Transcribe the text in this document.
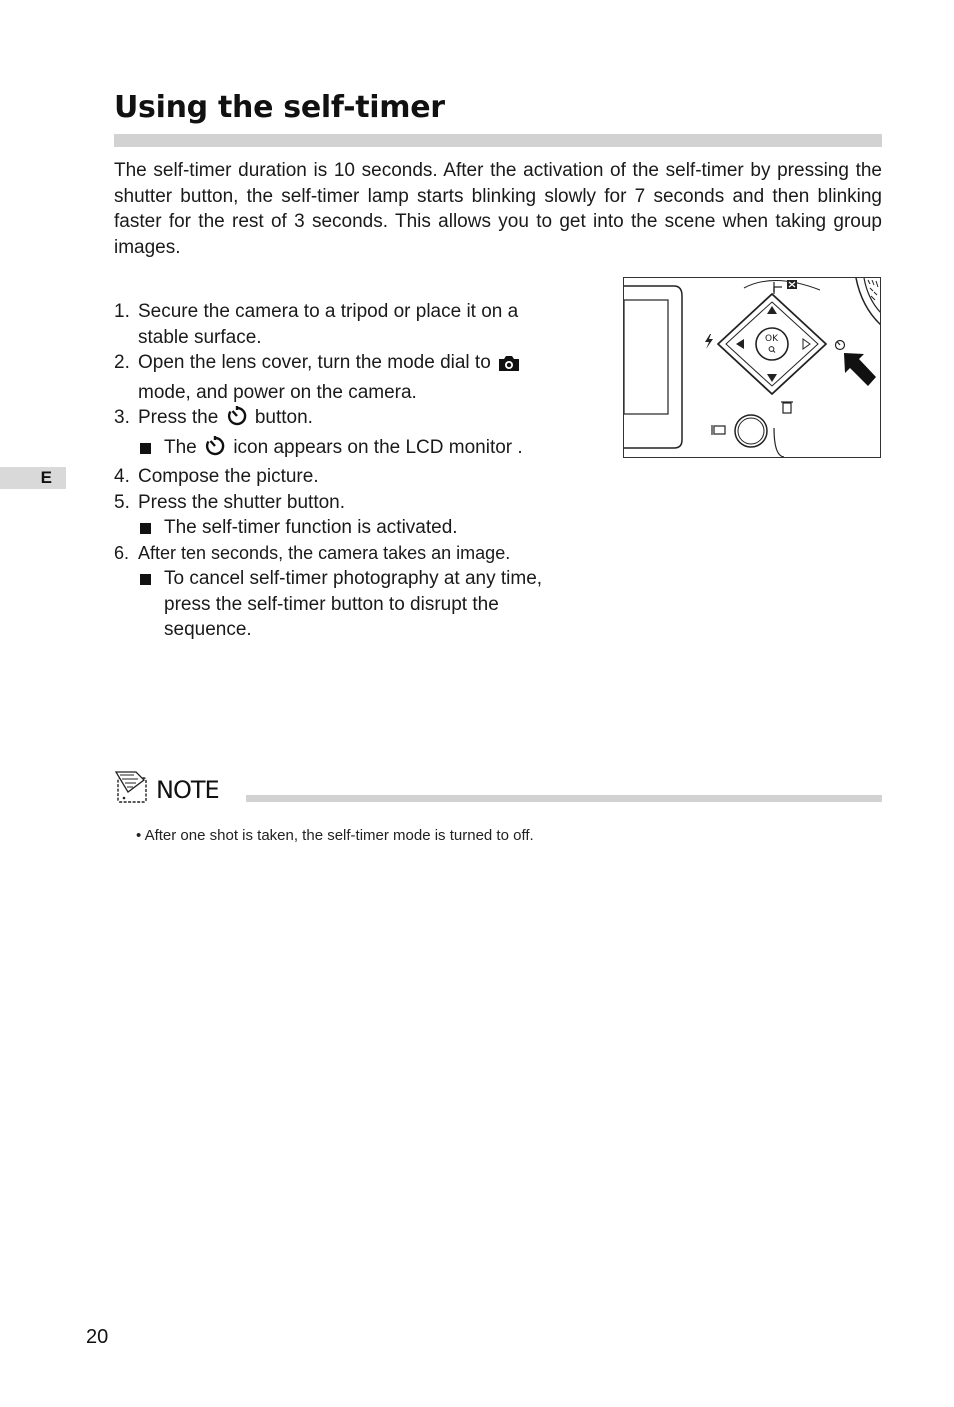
Using the self-timer

The self-timer duration is 10 seconds. After the activation of the self-timer by pressing the shutter button, the self-timer lamp starts blinking slowly for 7 seconds and then blinking faster for the rest of 3 seconds. This allows you to get into the scene when taking group images.

1. Secure the camera to a tripod or place it on a stable surface.
2. Open the lens cover, turn the mode dial to  mode, and power on the camera.
3. Press the button.
The icon appears on the LCD monitor .
4. Compose the picture.
5. Press the shutter button.
The self-timer function is activated.
6. After ten seconds, the camera takes an image.
To cancel self-timer photography at any time, press the self-timer button to disrupt the sequence.
OK
E
NOTE
• After one shot is taken, the self-timer mode is turned to off.
20
